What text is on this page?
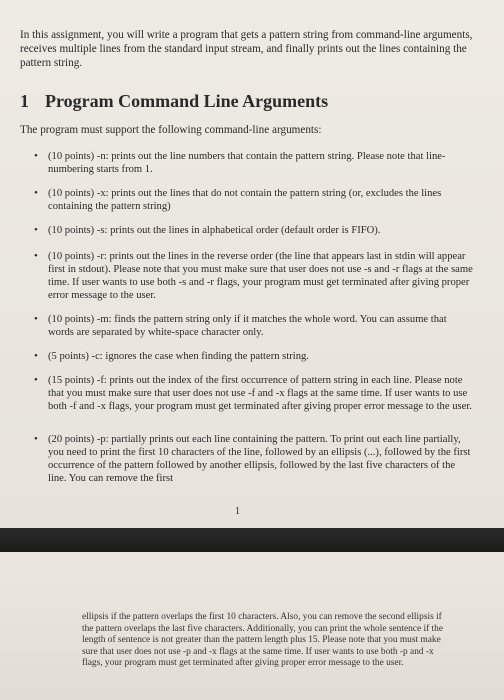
In this assignment, you will write a program that gets a pattern string from command-line arguments, receives multiple lines from the standard input stream, and finally prints out the lines containing the pattern string.

1 Program Command Line Arguments

The program must support the following command-line arguments:

• (10 points) -n: prints out the line numbers that contain the pattern string. Please note that line-numbering starts from 1.
• (10 points) -x: prints out the lines that do not contain the pattern string (or, excludes the lines containing the pattern string)
• (10 points) -s: prints out the lines in alphabetical order (default order is FIFO).
• (10 points) -r: prints out the lines in the reverse order (the line that appears last in stdin will appear first in stdout). Please note that you must make sure that user does not use -s and -r flags at the same time. If user wants to use both -s and -r flags, your program must get terminated after giving proper error message to the user.
• (10 points) -m: finds the pattern string only if it matches the whole word. You can assume that words are separated by white-space character only.
• (5 points) -c: ignores the case when finding the pattern string.
• (15 points) -f: prints out the index of the first occurrence of pattern string in each line. Please note that you must make sure that user does not use -f and -x flags at the same time. If user wants to use both -f and -x flags, your program must get terminated after giving proper error message to the user.
• (20 points) -p: partially prints out each line containing the pattern. To print out each line partially, you need to print the first 10 characters of the line, followed by an ellipsis (...), followed by the first occurrence of the pattern followed by another ellipsis, followed by the last five characters of the line. You can remove the first

1

ellipsis if the pattern overlaps the first 10 characters. Also, you can remove the second ellipsis if the pattern overlaps the last five characters. Additionally, you can print the whole sentence if the length of sentence is not greater than the pattern length plus 15. Please note that you must make sure that user does not use -p and -x flags at the same time. If user wants to use both -p and -x flags, your program must get terminated after giving proper error message to the user.
